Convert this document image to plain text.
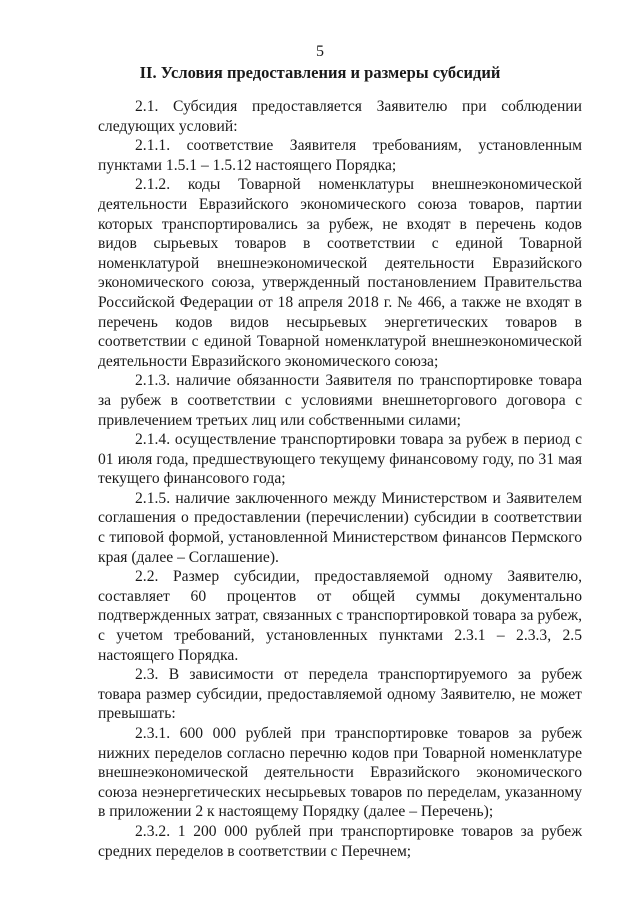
5
II. Условия предоставления и размеры субсидий

2.1. Субсидия предоставляется Заявителю при соблюдении следующих условий:

2.1.1. соответствие Заявителя требованиям, установленным пунктами 1.5.1 – 1.5.12 настоящего Порядка;

2.1.2. коды Товарной номенклатуры внешнеэкономической деятельности Евразийского экономического союза товаров, партии которых транспортировались за рубеж, не входят в перечень кодов видов сырьевых товаров в соответствии с единой Товарной номенклатурой внешнеэкономической деятельности Евразийского экономического союза, утвержденный постановлением Правительства Российской Федерации от 18 апреля 2018 г. № 466, а также не входят в перечень кодов видов несырьевых энергетических товаров в соответствии с единой Товарной номенклатурой внешнеэкономической деятельности Евразийского экономического союза;

2.1.3. наличие обязанности Заявителя по транспортировке товара за рубеж в соответствии с условиями внешнеторгового договора с привлечением третьих лиц или собственными силами;

2.1.4. осуществление транспортировки товара за рубеж в период с 01 июля года, предшествующего текущему финансовому году, по 31 мая текущего финансового года;

2.1.5. наличие заключенного между Министерством и Заявителем соглашения о предоставлении (перечислении) субсидии в соответствии с типовой формой, установленной Министерством финансов Пермского края (далее – Соглашение).

2.2. Размер субсидии, предоставляемой одному Заявителю, составляет 60 процентов от общей суммы документально подтвержденных затрат, связанных с транспортировкой товара за рубеж, с учетом требований, установленных пунктами 2.3.1 – 2.3.3, 2.5 настоящего Порядка.

2.3. В зависимости от передела транспортируемого за рубеж товара размер субсидии, предоставляемой одному Заявителю, не может превышать:

2.3.1. 600 000 рублей при транспортировке товаров за рубеж нижних переделов согласно перечню кодов при Товарной номенклатуре внешнеэкономической деятельности Евразийского экономического союза неэнергетических несырьевых товаров по переделам, указанному в приложении 2 к настоящему Порядку (далее – Перечень);

2.3.2. 1 200 000 рублей при транспортировке товаров за рубеж средних переделов в соответствии с Перечнем;
